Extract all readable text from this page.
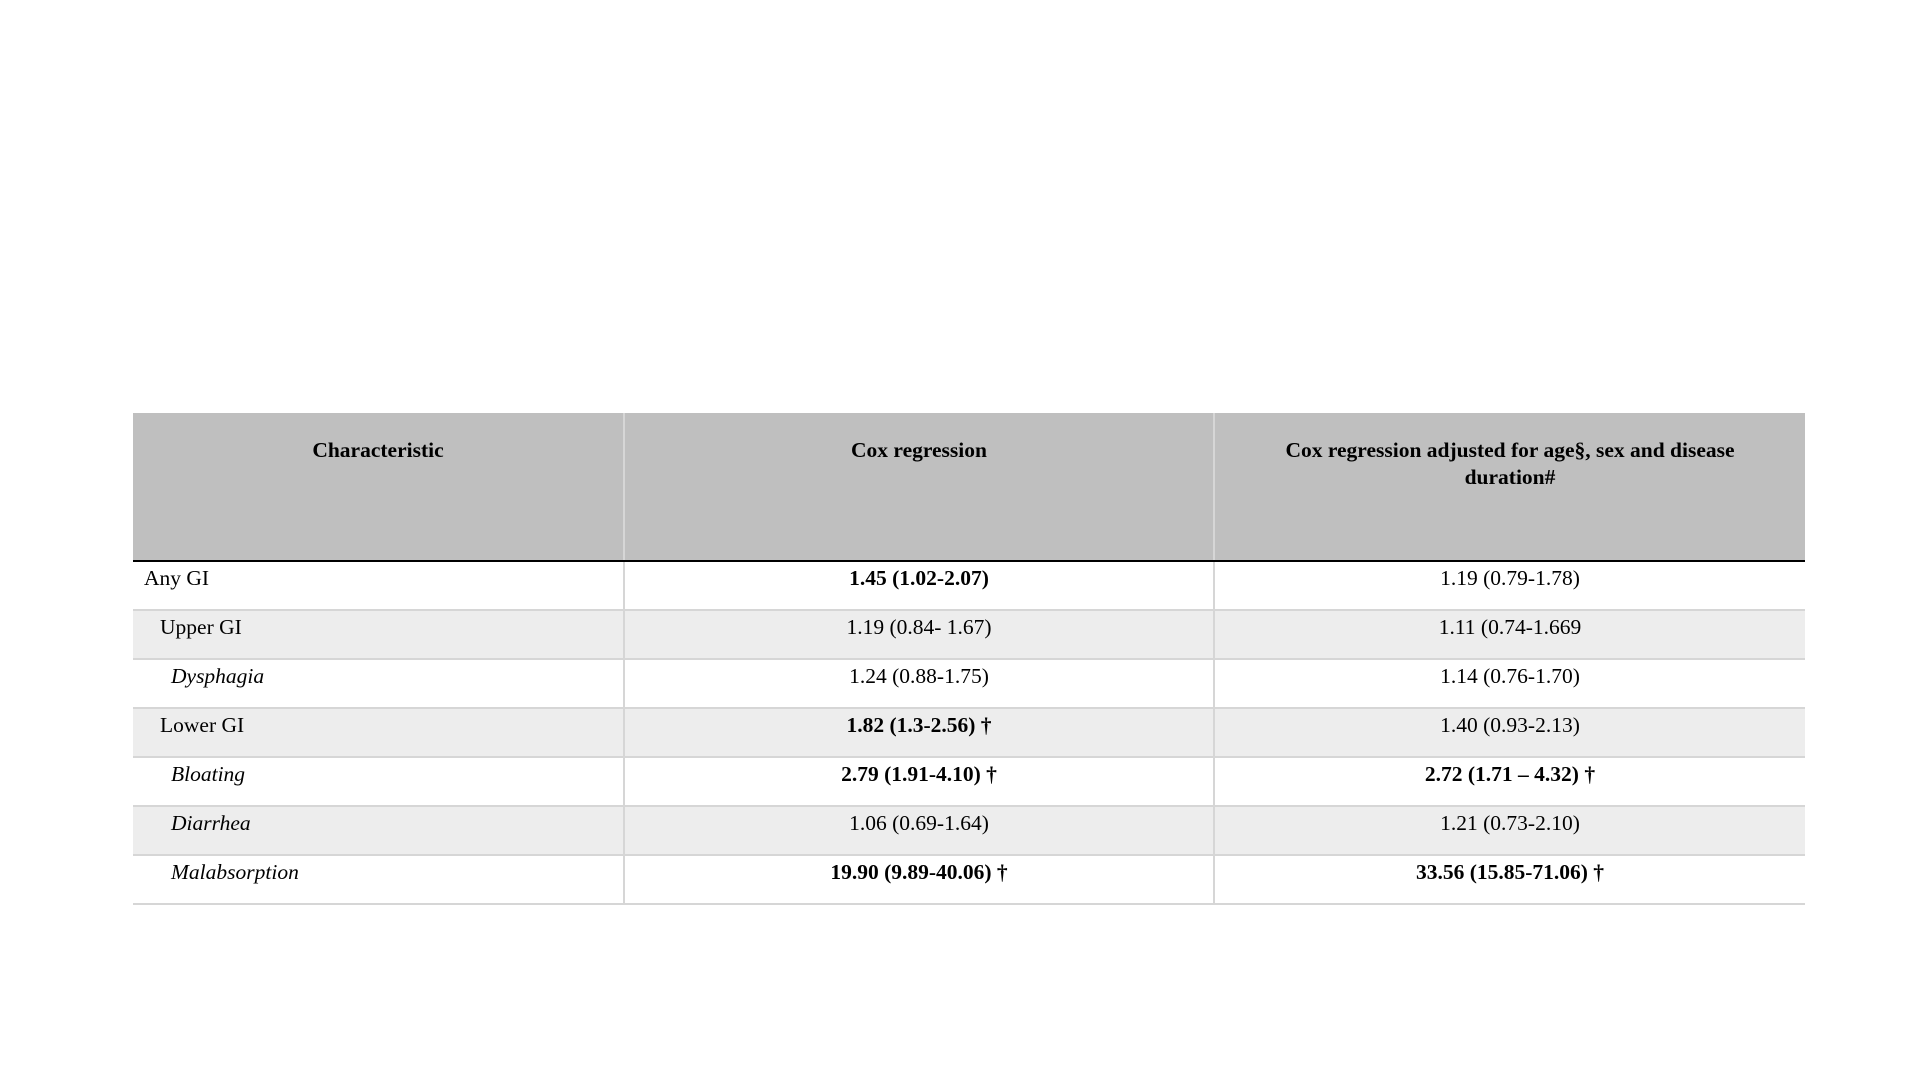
Characteristic	Cox regression	Cox regression adjusted for age§, sex and disease duration#
Any GI	1.45 (1.02-2.07)	1.19 (0.79-1.78)
Upper GI	1.19 (0.84- 1.67)	1.11 (0.74-1.669
Dysphagia	1.24 (0.88-1.75)	1.14 (0.76-1.70)
Lower GI	1.82 (1.3-2.56) †	1.40 (0.93-2.13)
Bloating	2.79 (1.91-4.10) †	2.72 (1.71 – 4.32) †
Diarrhea	1.06 (0.69-1.64)	1.21 (0.73-2.10)
Malabsorption	19.90 (9.89-40.06) †	33.56 (15.85-71.06) †
